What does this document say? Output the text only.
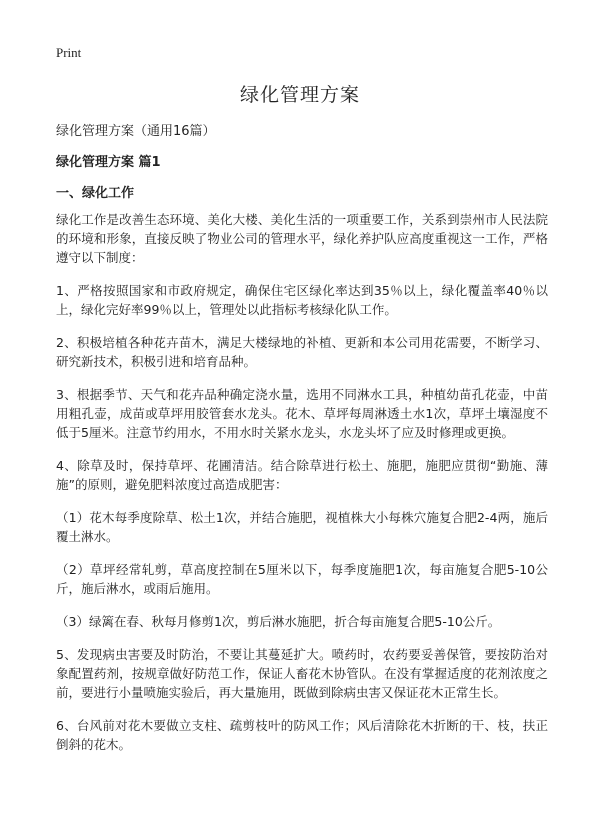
Print
绿化管理方案

绿化管理方案（通用16篇）

绿化管理方案 篇1

一、绿化工作

绿化工作是改善生态环境、美化大楼、美化生活的一项重要工作，关系到崇州市人民法院的环境和形象，直接反映了物业公司的管理水平，绿化养护队应高度重视这一工作，严格遵守以下制度：

1、严格按照国家和市政府规定，确保住宅区绿化率达到35％以上，绿化覆盖率40％以上，绿化完好率99％以上，管理处以此指标考核绿化队工作。

2、积极培植各种花卉苗木，满足大楼绿地的补植、更新和本公司用花需要，不断学习、研究新技术，积极引进和培育品种。

3、根据季节、天气和花卉品种确定浇水量，选用不同淋水工具，种植幼苗孔花壶，中苗用粗孔壶，成苗或草坪用胶管套水龙头。花木、草坪每周淋透土水1次，草坪土壤湿度不低于5厘米。注意节约用水，不用水时关紧水龙头，水龙头坏了应及时修理或更换。

4、除草及时，保持草坪、花圃清洁。结合除草进行松土、施肥，施肥应贯彻“勤施、薄施”的原则，避免肥料浓度过高造成肥害：

（1）花木每季度除草、松土1次，并结合施肥，视植株大小每株穴施复合肥2-4两，施后覆土淋水。

（2）草坪经常轧剪，草高度控制在5厘米以下，每季度施肥1次，每亩施复合肥5-10公斤，施后淋水，或雨后施用。

（3）绿篱在春、秋每月修剪1次，剪后淋水施肥，折合每亩施复合肥5-10公斤。

5、发现病虫害要及时防治，不要让其蔓延扩大。喷药时，农药要妥善保管，要按防治对象配置药剂，按规章做好防范工作，保证人畜花木协管队。在没有掌握适度的花剂浓度之前，要进行小量喷施实验后，再大量施用，既做到除病虫害又保证花木正常生长。

6、台风前对花木要做立支柱、疏剪枝叶的防风工作；风后清除花木折断的干、枝，扶正倒斜的花木。
